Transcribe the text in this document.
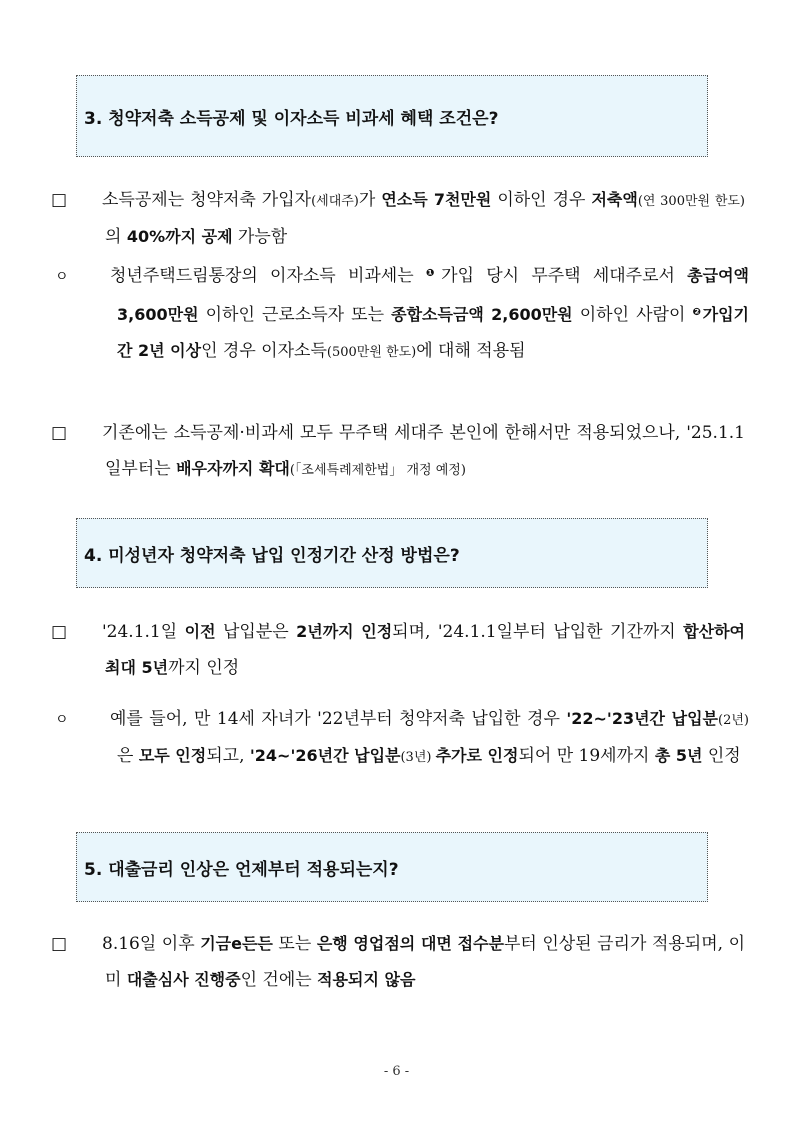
3. 청약저축 소득공제 및 이자소득 비과세 혜택 조건은?
□ 소득공제는 청약저축 가입자(세대주)가 연소득 7천만원 이하인 경우 저축액(연 300만원 한도)의 40%까지 공제 가능함
ㅇ 청년주택드림통장의 이자소득 비과세는 $^❶$가입 당시 무주택 세대주로서 총급여액 3,600만원 이하인 근로소득자 또는 종합소득금액 2,600만원 이하인 사람이 $^❷$가입기간 2년 이상인 경우 이자소득(500만원 한도)에 대해 적용됨
□ 기존에는 소득공제·비과세 모두 무주택 세대주 본인에 한해서만 적용되었으나, '25.1.1일부터는 배우자까지 확대(「조세특례제한법」 개정 예정)
4. 미성년자 청약저축 납입 인정기간 산정 방법은?
□ '24.1.1일 이전 납입분은 2년까지 인정되며, '24.1.1일부터 납입한 기간까지 합산하여 최대 5년까지 인정
ㅇ 예를 들어, 만 14세 자녀가 '22년부터 청약저축 납입한 경우 '22~'23년간 납입분(2년)은 모두 인정되고, '24~'26년간 납입분(3년) 추가로 인정되어 만 19세까지 총 5년 인정
5. 대출금리 인상은 언제부터 적용되는지?
□ 8.16일 이후 기금e든든 또는 은행 영업점의 대면 접수분부터 인상된 금리가 적용되며, 이미 대출심사 진행중인 건에는 적용되지 않음
- 6 -
